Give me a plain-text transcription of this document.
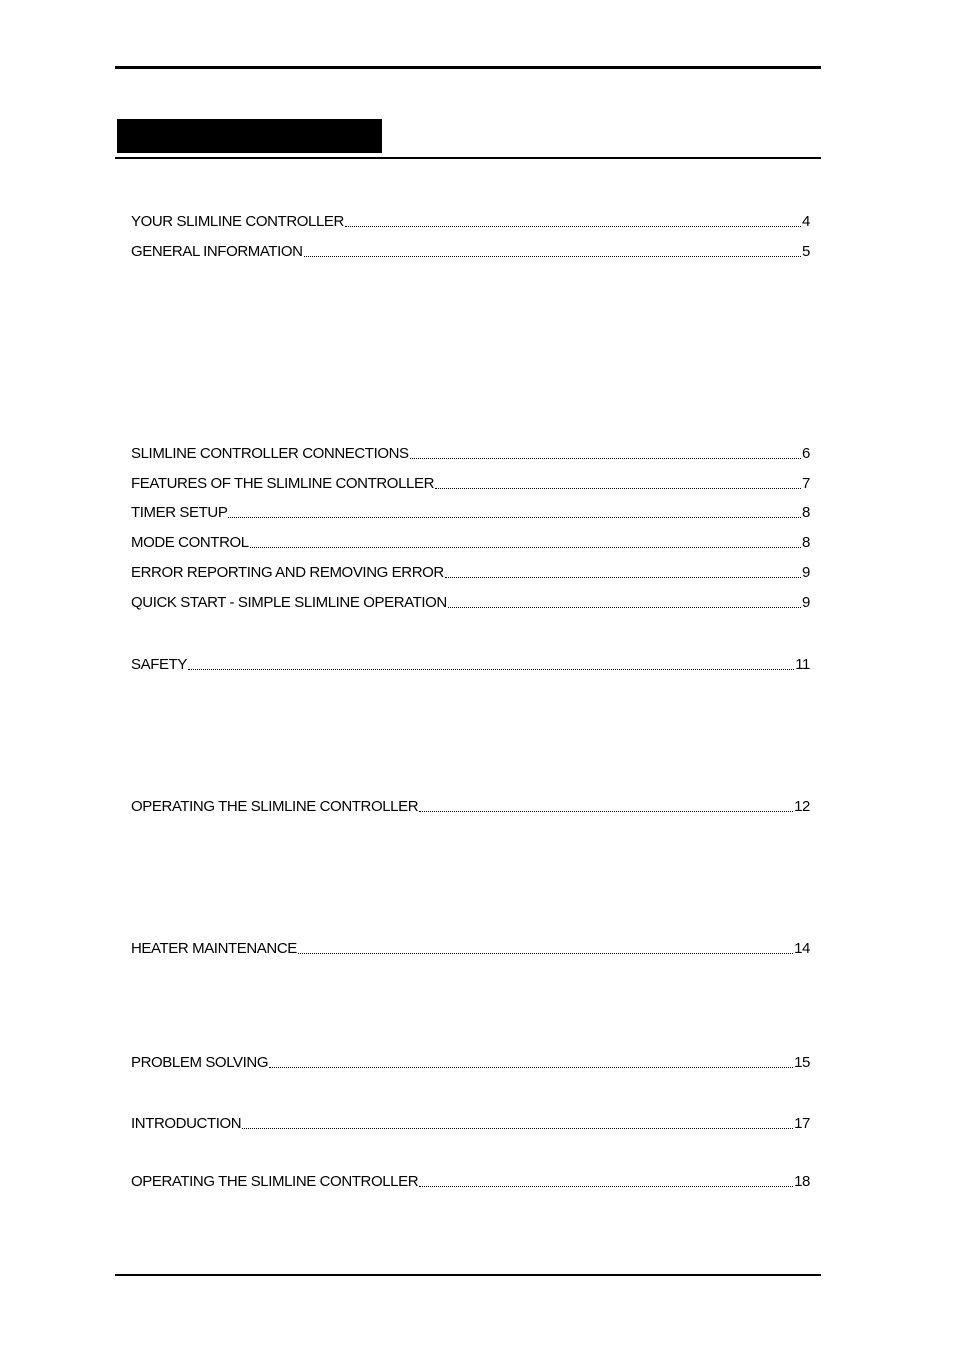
YOUR SLIMLINE CONTROLLER	4
GENERAL INFORMATION	5
SLIMLINE CONTROLLER CONNECTIONS	6
FEATURES OF THE SLIMLINE CONTROLLER	7
TIMER SETUP	8
MODE CONTROL	8
ERROR REPORTING AND REMOVING ERROR	9
QUICK START - SIMPLE SLIMLINE OPERATION	9
SAFETY	11
OPERATING THE SLIMLINE CONTROLLER	12
HEATER MAINTENANCE	14
PROBLEM SOLVING	15
INTRODUCTION	17
OPERATING THE SLIMLINE CONTROLLER	18
